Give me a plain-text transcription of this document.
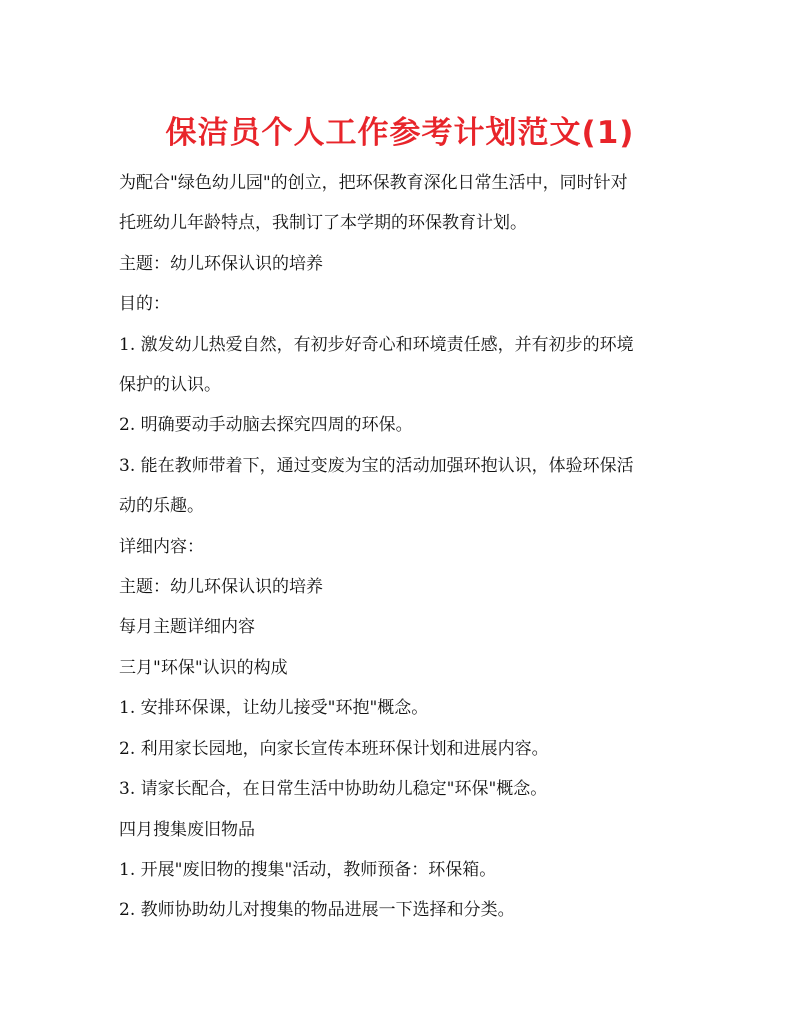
保洁员个人工作参考计划范文(1)

为配合"绿色幼儿园"的创立，把环保教育深化日常生活中，同时针对

托班幼儿年龄特点，我制订了本学期的环保教育计划。

主题：幼儿环保认识的培养

目的：

1. 激发幼儿热爱自然，有初步好奇心和环境责任感，并有初步的环境

保护的认识。

2. 明确要动手动脑去探究四周的环保。

3. 能在教师带着下，通过变废为宝的活动加强环抱认识，体验环保活

动的乐趣。

详细内容：

主题：幼儿环保认识的培养

每月主题详细内容

三月"环保"认识的构成

1. 安排环保课，让幼儿接受"环抱"概念。

2. 利用家长园地，向家长宣传本班环保计划和进展内容。

3. 请家长配合，在日常生活中协助幼儿稳定"环保"概念。

四月搜集废旧物品

1. 开展"废旧物的搜集"活动，教师预备：环保箱。

2. 教师协助幼儿对搜集的物品进展一下选择和分类。
